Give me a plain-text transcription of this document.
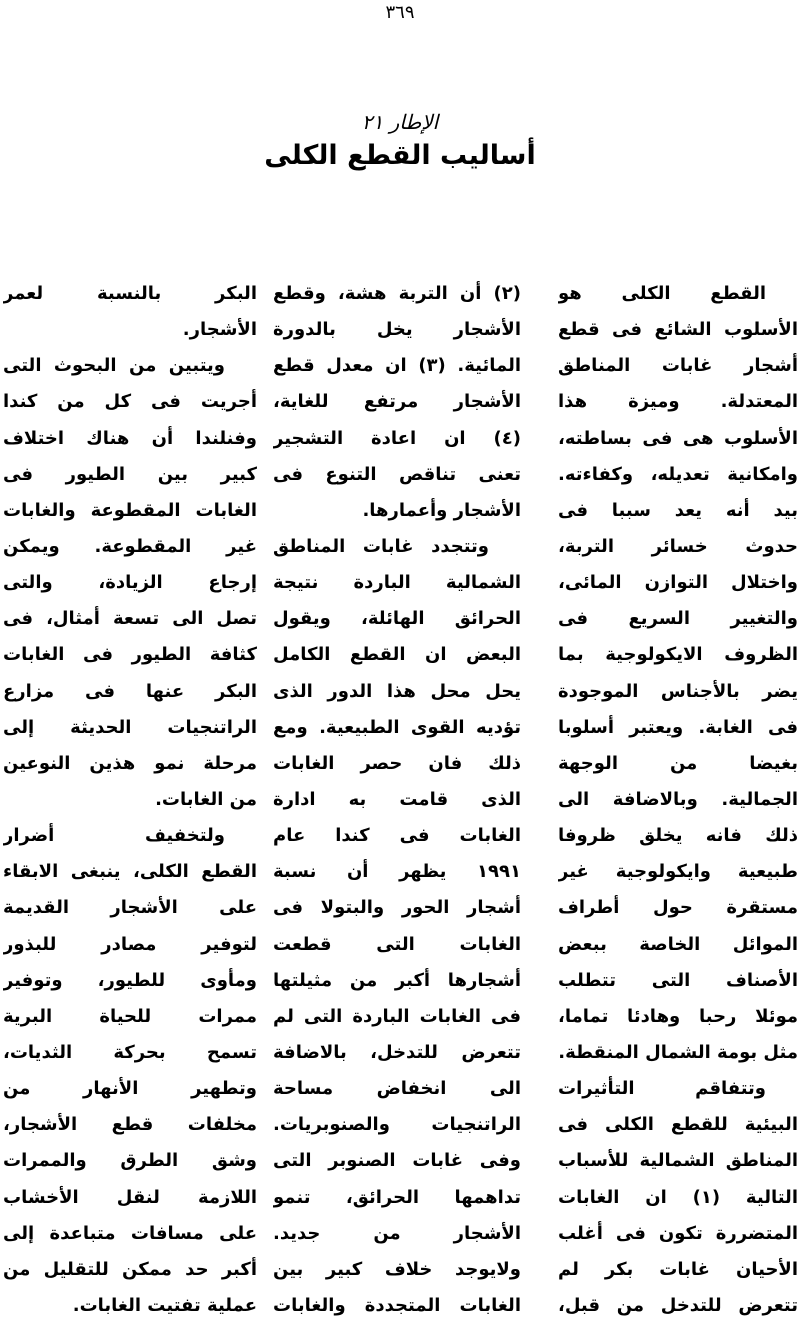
٣٦٩
الإطار ٢١
أساليب القطع الكلى
القطع الكلى هو
الأسلوب الشائع فى قطع
أشجار غابات المناطق
المعتدلة. وميزة هذا
الأسلوب هى فى بساطته،
وامكانية تعديله، وكفاءته.
بيد أنه يعد سببا فى
حدوث خسائر التربة،
واختلال التوازن المائى،
والتغيير السريع فى
الظروف الايكولوجية بما
يضر بالأجناس الموجودة
فى الغابة. ويعتبر أسلوبا
بغيضا من الوجهة
الجمالية. وبالاضافة الى
ذلك فانه يخلق ظروفا
طبيعية وايكولوجية غير
مستقرة حول أطراف
الموائل الخاصة ببعض
الأصناف التى تتطلب
موئلا رحبا وهادئا تماما،
مثل بومة الشمال المنقطة.
وتتفاقم التأثيرات
البيئية للقطع الكلى فى
المناطق الشمالية للأسباب
التالية (١) ان الغابات
المتضررة تكون فى أغلب
الأحيان غابات بكر لم
تتعرض للتدخل من قبل،
(٢) أن التربة هشة، وقطع
الأشجار يخل بالدورة
المائية. (٣) ان معدل قطع
الأشجار مرتفع للغاية،
(٤) ان اعادة التشجير
تعنى تناقص التنوع فى
الأشجار وأعمارها.
وتتجدد غابات المناطق
الشمالية الباردة نتيجة
الحرائق الهائلة، ويقول
البعض ان القطع الكامل
يحل محل هذا الدور الذى
تؤديه القوى الطبيعية. ومع
ذلك فان حصر الغابات
الذى قامت به ادارة
الغابات فى كندا عام
١٩٩١ يظهر أن نسبة
أشجار الحور والبتولا فى
الغابات التى قطعت
أشجارها أكبر من مثيلتها
فى الغابات الباردة التى لم
تتعرض للتدخل، بالاضافة
الى انخفاض مساحة
الراتنجيات والصنوبريات.
وفى غابات الصنوبر التى
تداهمها الحرائق، تنمو
الأشجار من جديد.
ولايوجد خلاف كبير بين
الغابات المتجددة والغابات
البكر بالنسبة لعمر
الأشجار.
ويتبين من البحوث التى
أجريت فى كل من كندا
وفنلندا أن هناك اختلاف
كبير بين الطيور فى
الغابات المقطوعة والغابات
غير المقطوعة. ويمكن
إرجاع الزيادة، والتى
تصل الى تسعة أمثال، فى
كثافة الطيور فى الغابات
البكر عنها فى مزارع
الراتنجيات الحديثة إلى
مرحلة نمو هذين النوعين
من الغابات.
ولتخفيف أضرار
القطع الكلى، ينبغى الابقاء
على الأشجار القديمة
لتوفير مصادر للبذور
ومأوى للطيور، وتوفير
ممرات للحياة البرية
تسمح بحركة الثديات،
وتطهير الأنهار من
مخلفات قطع الأشجار،
وشق الطرق والممرات
اللازمة لنقل الأخشاب
على مسافات متباعدة إلى
أكبر حد ممكن للتقليل من
عملية تفتيت الغابات.
